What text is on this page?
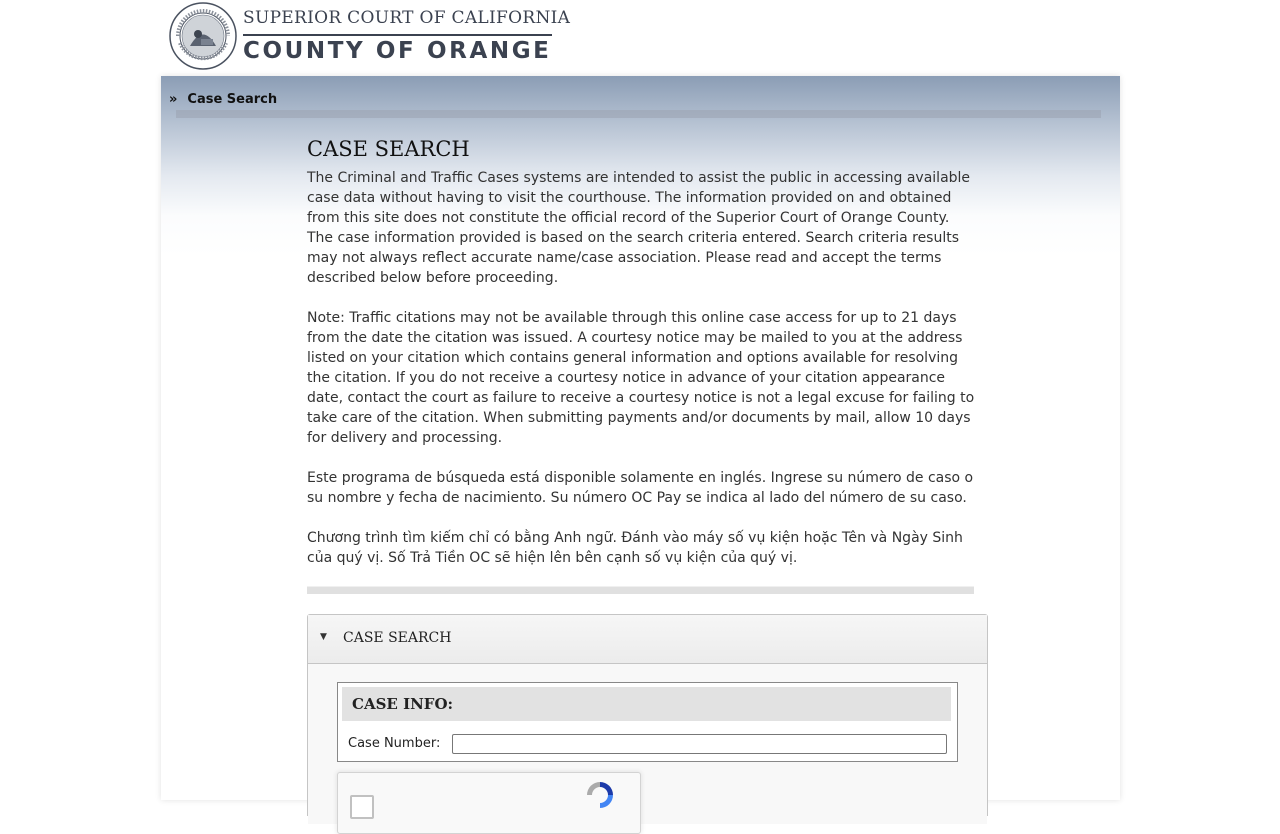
SUPERIOR COURT OF CALIFORNIA
COUNTY OF ORANGE
» Case Search
CASE SEARCH

The Criminal and Traffic Cases systems are intended to assist the public in accessing available case data without having to visit the courthouse. The information provided on and obtained from this site does not constitute the official record of the Superior Court of Orange County. The case information provided is based on the search criteria entered. Search criteria results may not always reflect accurate name/case association. Please read and accept the terms described below before proceeding.

Note: Traffic citations may not be available through this online case access for up to 21 days from the date the citation was issued. A courtesy notice may be mailed to you at the address listed on your citation which contains general information and options available for resolving the citation. If you do not receive a courtesy notice in advance of your citation appearance date, contact the court as failure to receive a courtesy notice is not a legal excuse for failing to take care of the citation. When submitting payments and/or documents by mail, allow 10 days for delivery and processing.

Este programa de búsqueda está disponible solamente en inglés. Ingrese su número de caso o su nombre y fecha de nacimiento. Su número OC Pay se indica al lado del número de su caso.

Chương trình tìm kiếm chỉ có bằng Anh ngữ. Đánh vào máy số vụ kiện hoặc Tên và Ngày Sinh của quý vị. Số Trả Tiền OC sẽ hiện lên bên cạnh số vụ kiện của quý vị.

▼ CASE SEARCH
CASE INFO:
Case Number:
